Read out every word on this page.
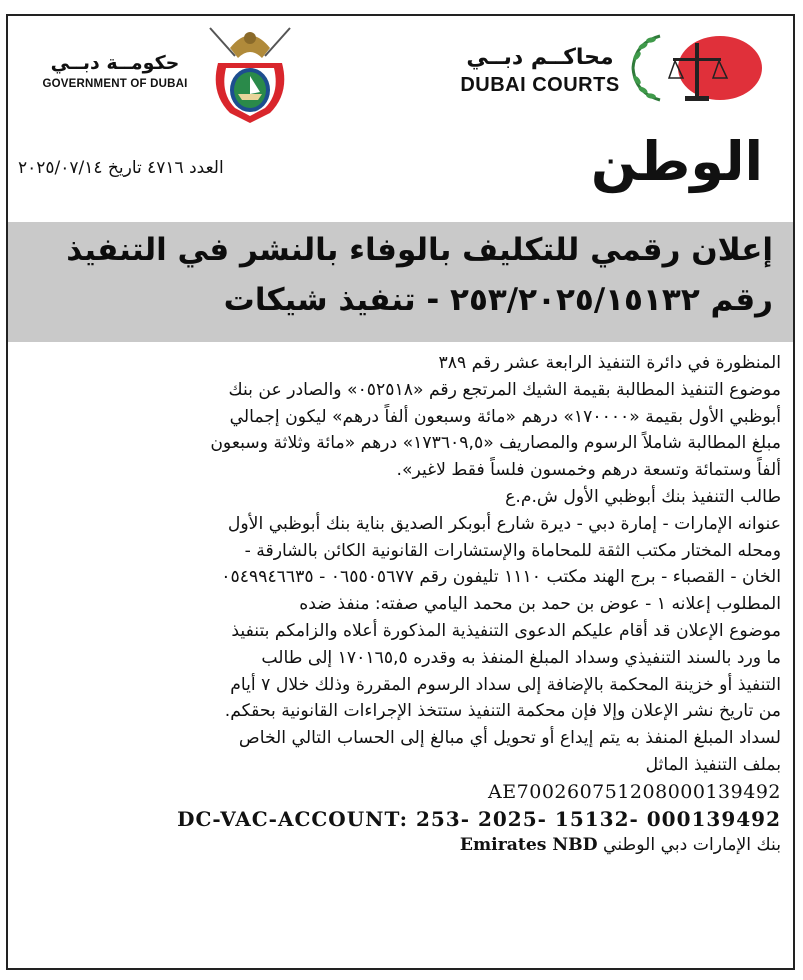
حكومــة دبــي
GOVERNMENT OF DUBAI
محاكــم دبــي
DUBAI COURTS
الوطن
العدد ٤٧١٦ تاريخ ٢٠٢٥/٠٧/١٤
إعلان رقمي للتكليف بالوفاء بالنشر في التنفيذ
رقم ٢٥٣/٢٠٢٥/١٥١٣٢ - تنفيذ شيكات
المنظورة في دائرة التنفيذ الرابعة عشر رقم ٣٨٩
موضوع التنفيذ المطالبة بقيمة الشيك المرتجع رقم «٠٥٢٥١٨» والصادر عن بنك
أبوظبي الأول بقيمة «١٧٠٠٠٠» درهم «مائة وسبعون ألفاً درهم» ليكون إجمالي
مبلغ المطالبة شاملاً الرسوم والمصاريف «١٧٣٦٠٩,٥» درهم «مائة وثلاثة وسبعون
ألفاً وستمائة وتسعة درهم وخمسون فلساً فقط لاغير».
طالب التنفيذ بنك أبوظبي الأول ش.م.ع
عنوانه الإمارات - إمارة دبي - ديرة شارع أبوبكر الصديق بناية بنك أبوظبي الأول
ومحله المختار مكتب الثقة للمحاماة والإستشارات القانونية الكائن بالشارقة -
الخان - القصباء - برج الهند مكتب ١١١٠ تليفون رقم ٠٦٥٥٠٥٦٧٧ - ٠٥٤٩٩٤٦٦٣٥
المطلوب إعلانه ١ - عوض بن حمد بن محمد اليامي صفته: منفذ ضده
موضوع الإعلان قد أقام عليكم الدعوى التنفيذية المذكورة أعلاه والزامكم بتنفيذ
ما ورد بالسند التنفيذي وسداد المبلغ المنفذ به وقدره ١٧٠١٦٥,٥ إلى طالب
التنفيذ أو خزينة المحكمة بالإضافة إلى سداد الرسوم المقررة وذلك خلال ٧ أيام
من تاريخ نشر الإعلان وإلا فإن محكمة التنفيذ ستتخذ الإجراءات القانونية بحقكم.
لسداد المبلغ المنفذ به يتم إيداع أو تحويل أي مبالغ إلى الحساب التالي الخاص
بملف التنفيذ الماثل
AE700260751208000139492
DC-VAC-ACCOUNT: 253- 2025- 15132- 000139492
بنك الإمارات دبي الوطني Emirates NBD
